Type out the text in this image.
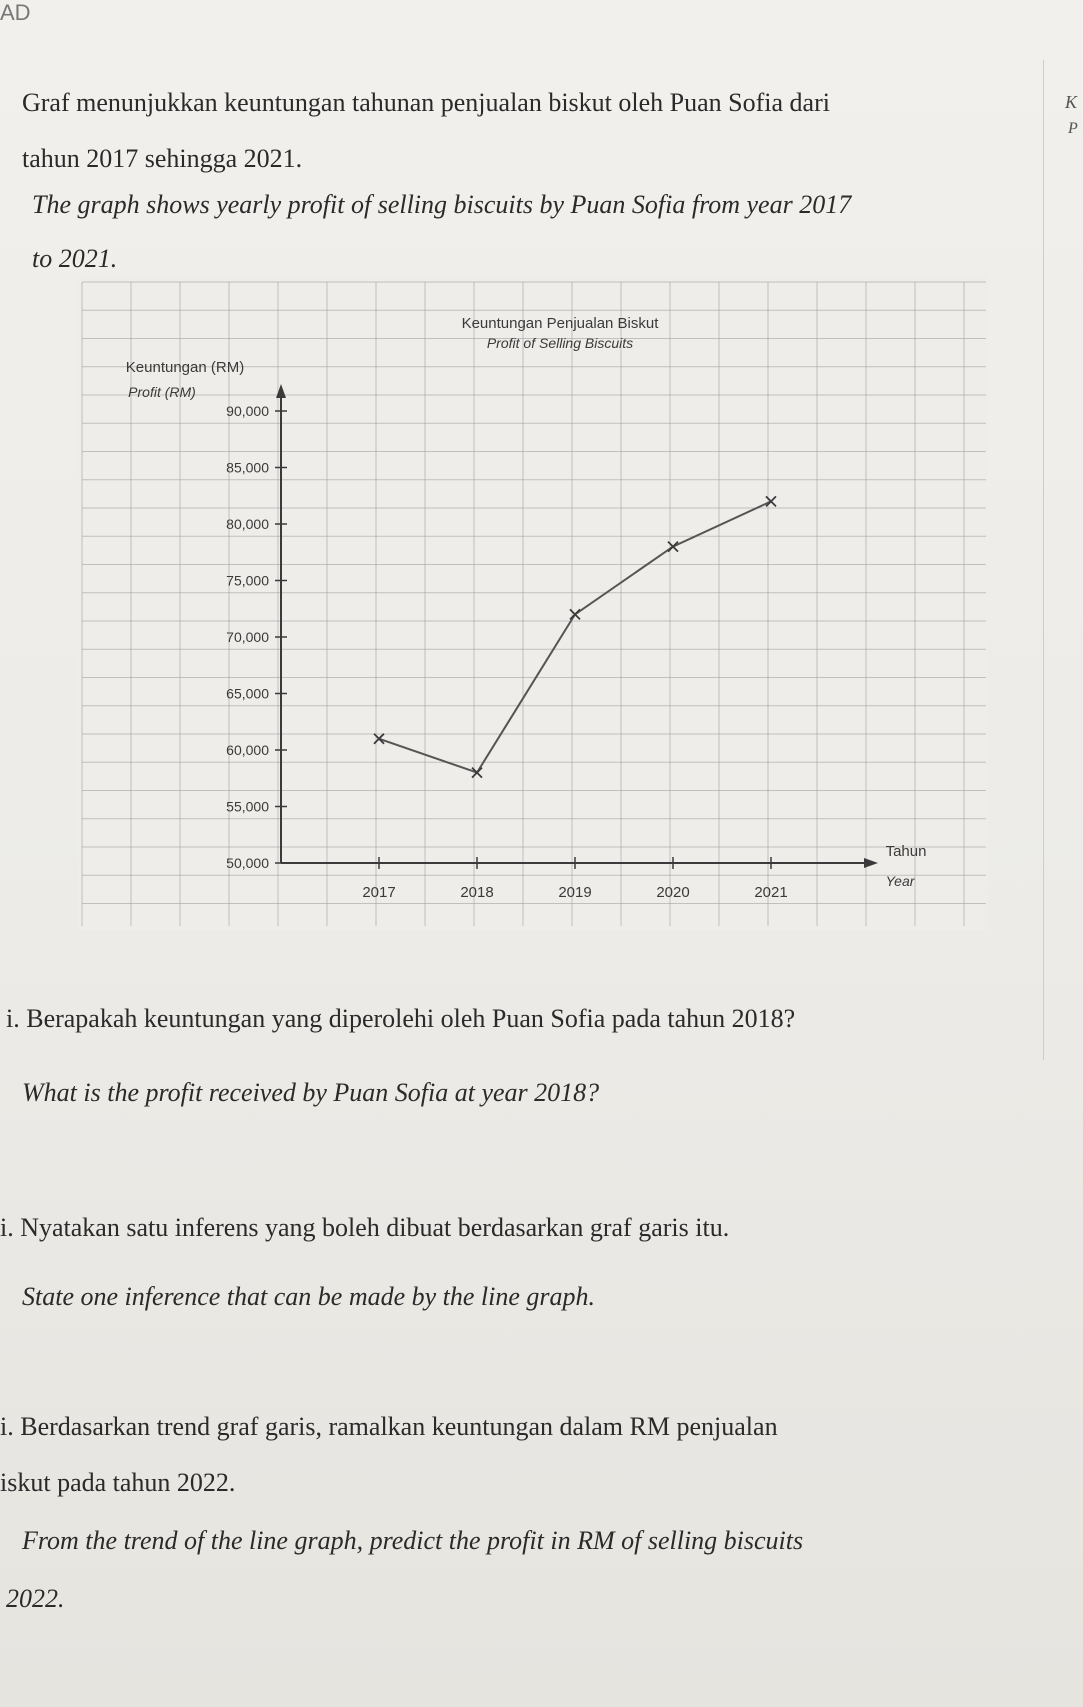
AD
K
P
Graf menunjukkan keuntungan tahunan penjualan biskut oleh Puan Sofia dari
tahun 2017 sehingga 2021.
The graph shows yearly profit of selling biscuits by Puan Sofia from year 2017
to 2021.
Keuntungan Penjualan Biskut
Profit of Selling Biscuits
Keuntungan (RM)
Profit (RM)
Tahun
Year
50,000
55,000
60,000
65,000
70,000
75,000
80,000
85,000
90,000
2017	2018	2019	2020	2021
i. Berapakah keuntungan yang diperolehi oleh Puan Sofia pada tahun 2018?
What is the profit received by Puan Sofia at year 2018?
i. Nyatakan satu inferens yang boleh dibuat berdasarkan graf garis itu.
State one inference that can be made by the line graph.
i. Berdasarkan trend graf garis, ramalkan keuntungan dalam RM penjualan
iskut pada tahun 2022.
From the trend of the line graph, predict the profit in RM of selling biscuits
2022.
